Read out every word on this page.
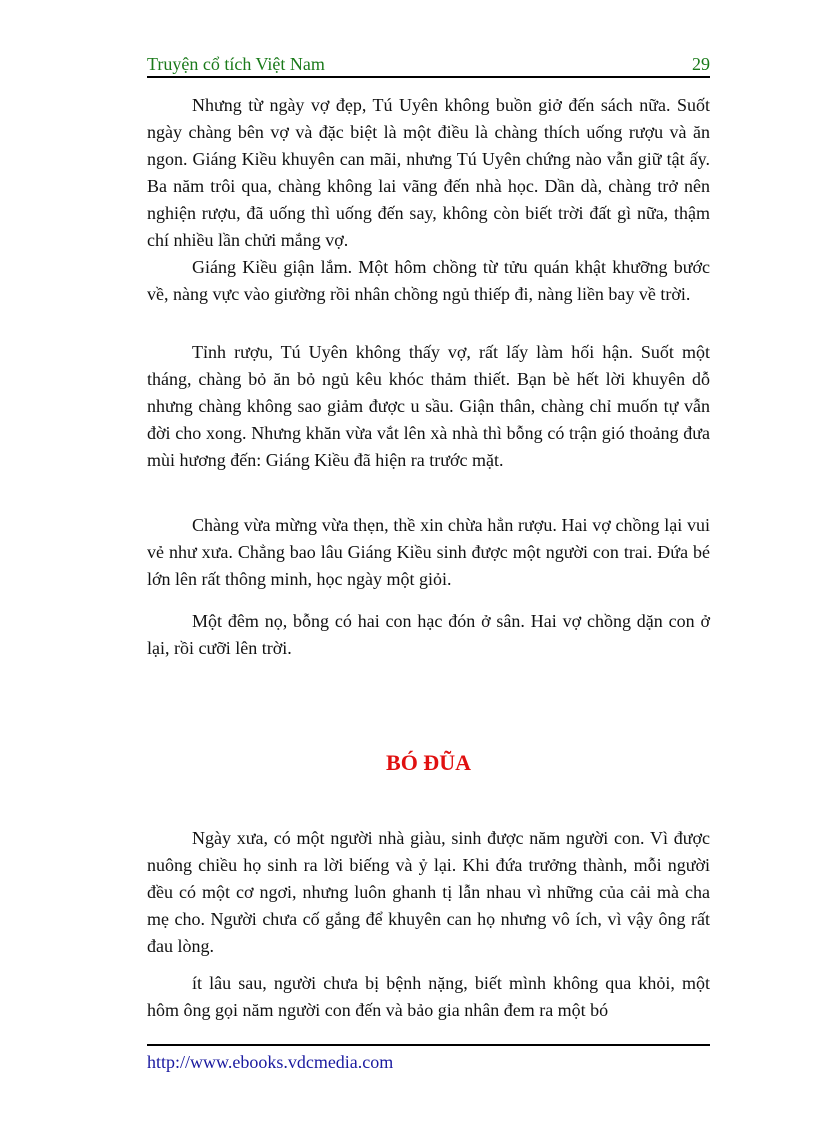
Truyện cổ tích Việt Nam	29

Nhưng từ ngày vợ đẹp, Tú Uyên không buồn giở đến sách nữa. Suốt ngày chàng bên vợ và đặc biệt là một điều là chàng thích uống rượu và ăn ngon. Giáng Kiều khuyên can mãi, nhưng Tú Uyên chứng nào vẫn giữ tật ấy. Ba năm trôi qua, chàng không lai vãng đến nhà học. Dần dà, chàng trở nên nghiện rượu, đã uống thì uống đến say, không còn biết trời đất gì nữa, thậm chí nhiều lần chửi mắng vợ.

Giáng Kiều giận lắm. Một hôm chồng từ tửu quán khật khưỡng bước về, nàng vực vào giường rồi nhân chồng ngủ thiếp đi, nàng liền bay về trời.

Tỉnh rượu, Tú Uyên không thấy vợ, rất lấy làm hối hận. Suốt một tháng, chàng bỏ ăn bỏ ngủ kêu khóc thảm thiết. Bạn bè hết lời khuyên dỗ nhưng chàng không sao giảm được u sầu. Giận thân, chàng chỉ muốn tự vẫn đời cho xong. Nhưng khăn vừa vắt lên xà nhà thì bỗng có trận gió thoảng đưa mùi hương đến: Giáng Kiều đã hiện ra trước mặt.

Chàng vừa mừng vừa thẹn, thề xin chừa hẳn rượu. Hai vợ chồng lại vui vẻ như xưa. Chẳng bao lâu Giáng Kiều sinh được một người con trai. Đứa bé lớn lên rất thông minh, học ngày một giỏi.

Một đêm nọ, bỗng có hai con hạc đón ở sân. Hai vợ chồng dặn con ở lại, rồi cưỡi lên trời.

BÓ ĐŨA

Ngày xưa, có một người nhà giàu, sinh được năm người con. Vì được nuông chiều họ sinh ra lời biếng và ỷ lại. Khi đứa trưởng thành, mỗi người đều có một cơ ngơi, nhưng luôn ghanh tị lẫn nhau vì những của cải mà cha mẹ cho. Người chưa cố gắng để khuyên can họ nhưng vô ích, vì vậy ông rất đau lòng.

ít lâu sau, người chưa bị bệnh nặng, biết mình không qua khỏi, một hôm ông gọi năm người con đến và bảo gia nhân đem ra một bó

http://www.ebooks.vdcmedia.com
